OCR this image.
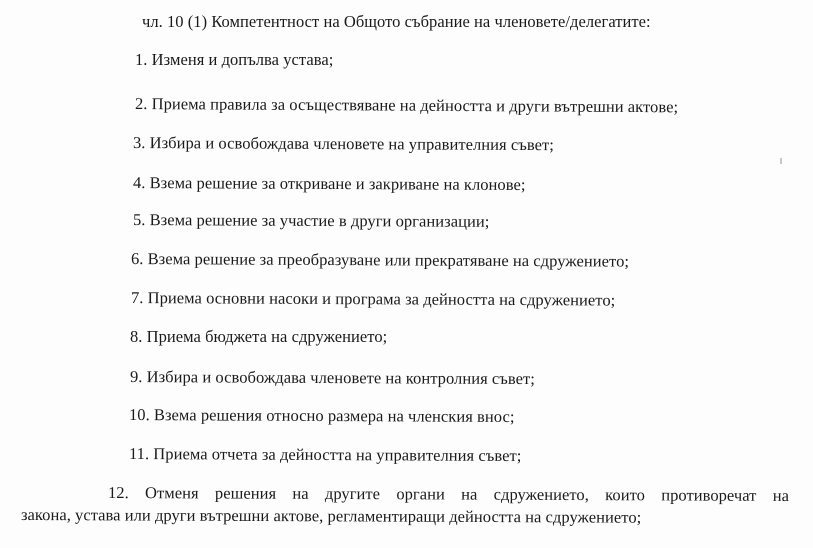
чл. 10 (1) Компетентност на Общото събрание на членовете/делегатите:
1. Изменя и допълва устава;
2. Приема правила за осъществяване на дейността и други вътрешни актове;
3. Избира и освобождава членовете на управителния съвет;
4. Взема решение за откриване и закриване на клонове;
5. Взема решение за участие в други организации;
6. Взема решение за преобразуване или прекратяване на сдружението;
7. Приема основни насоки и програма за дейността на сдружението;
8. Приема бюджета на сдружението;
9. Избира и освобождава членовете на контролния съвет;
10. Взема решения относно размера на членския внос;
11. Приема отчета за дейността на управителния съвет;
12. Отменя решения на другите органи на сдружението, които противоречат на
закона, устава или други вътрешни актове, регламентиращи дейността на сдружението;
